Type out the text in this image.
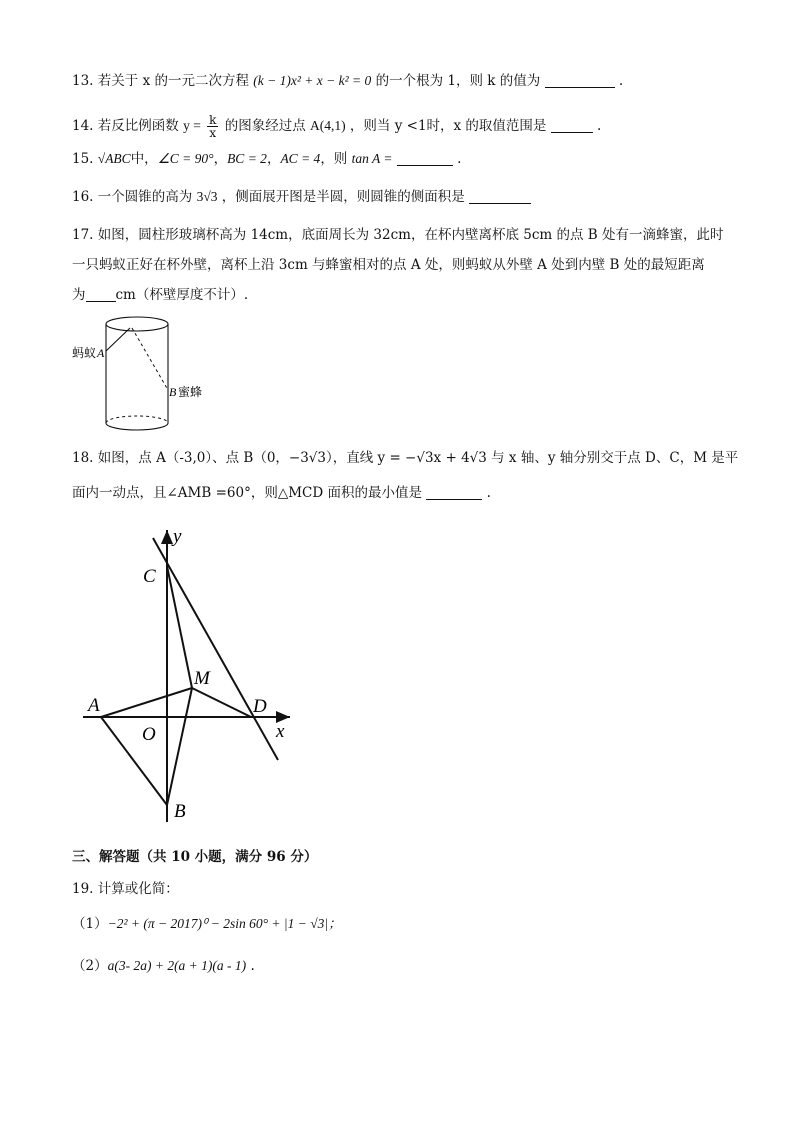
13. 若关于 x 的一元二次方程 (k − 1)x² + x − k² = 0 的一个根为 1，则 k 的值为	.
14. 若反比例函数 $y = \frac{k}{x}$ 的图象经过点 A(4,1) ，则当 y <1时，x 的取值范围是	.
15. √ABC中，∠C = 90°，BC = 2，AC = 4，则 tan A =	.
16. 一个圆锥的高为 3√3 ，侧面展开图是半圆，则圆锥的侧面积是
17. 如图，圆柱形玻璃杯高为 14cm，底面周长为 32cm，在杯内壁离杯底 5cm 的点 B 处有一滴蜂蜜，此时
一只蚂蚁正好在杯外壁，离杯上沿 3cm 与蜂蜜相对的点 A 处，则蚂蚁从外壁 A 处到内壁 B 处的最短距离
为 cm（杯壁厚度不计）.
蚂蚁 A
B 蜜蜂
18. 如图，点 A（-3,0）、点 B（0，−3√3），直线 y = −√3x + 4√3 与 x 轴、y 轴分别交于点 D、C，M 是平
面内一动点，且∠AMB =60°，则△MCD 面积的最小值是	.
y
C
M
A	D
O	x
B
三、解答题（共 10 小题，满分 96 分）
19. 计算或化简：
（1）−2² + (π − 2017)⁰ − 2sin 60° + |1 − √3|；
（2）a(3- 2a) + 2(a + 1)(a - 1) .
